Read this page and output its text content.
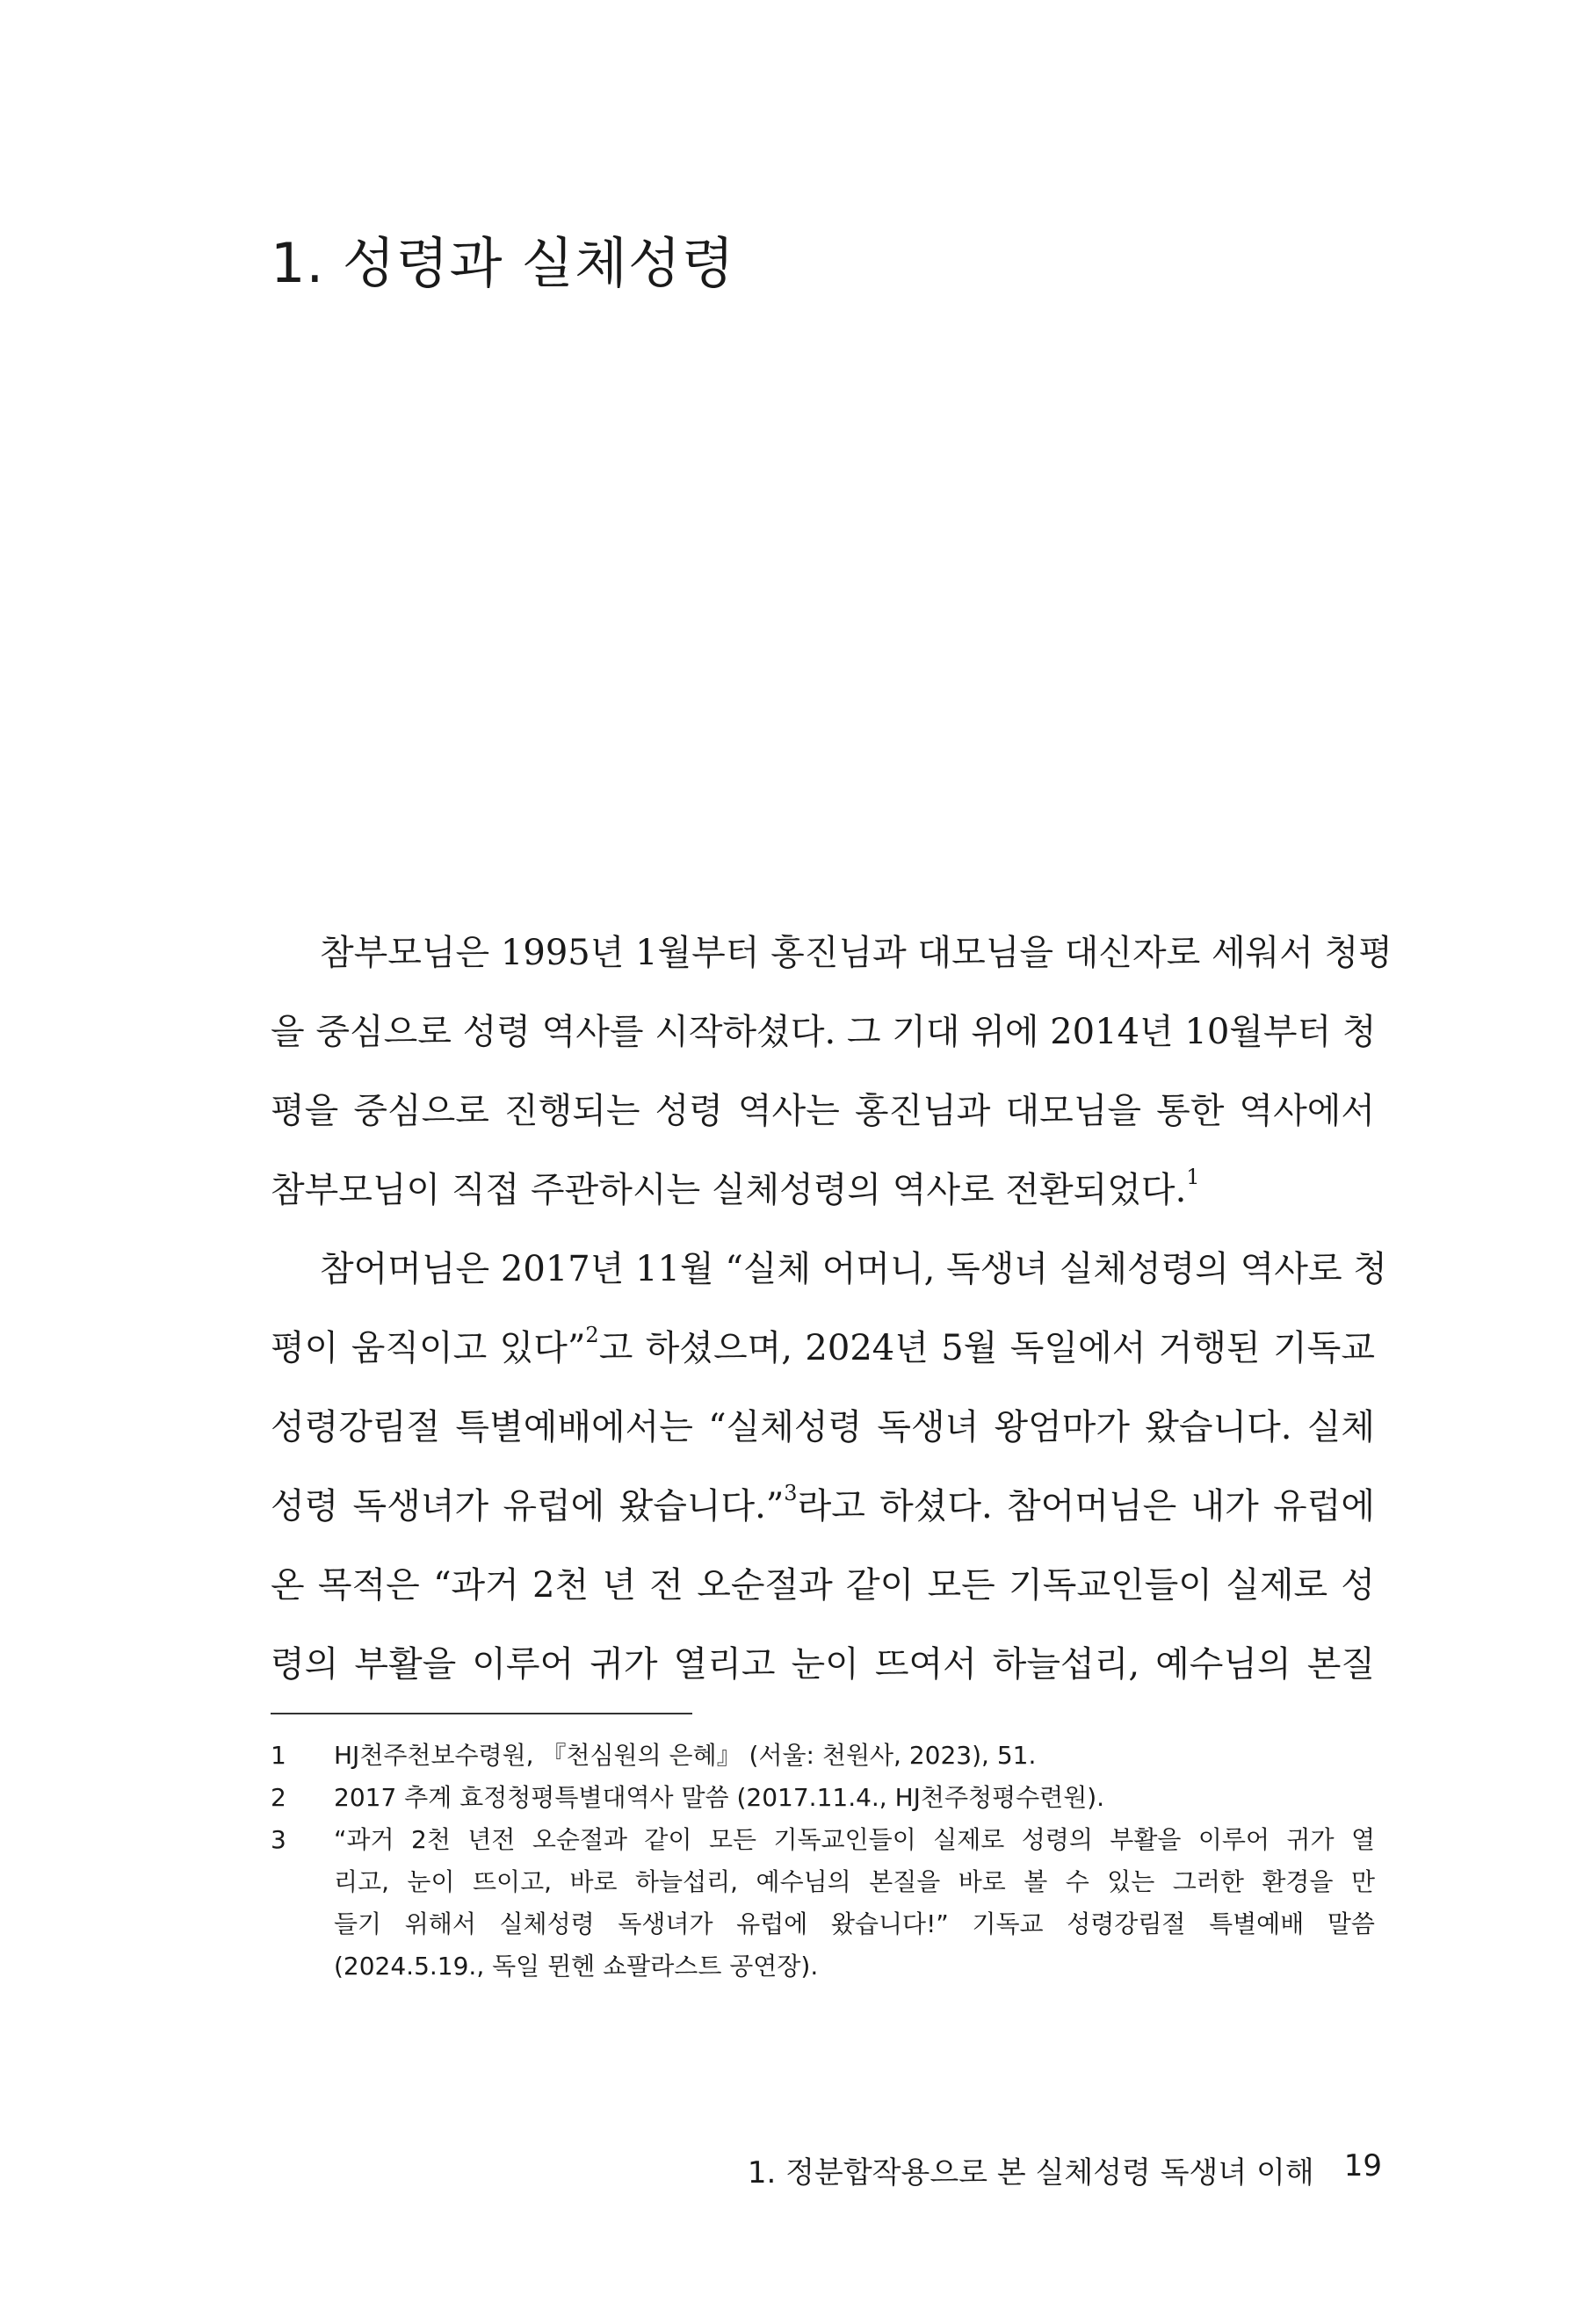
1. 성령과 실체성령
참부모님은 1995년 1월부터 홍진님과 대모님을 대신자로 세워서 청평
을 중심으로 성령 역사를 시작하셨다. 그 기대 위에 2014년 10월부터 청
평을 중심으로 진행되는 성령 역사는 홍진님과 대모님을 통한 역사에서
참부모님이 직접 주관하시는 실체성령의 역사로 전환되었다.$^1$
참어머님은 2017년 11월 “실체 어머니, 독생녀 실체성령의 역사로 청
평이 움직이고 있다”$^2$고 하셨으며, 2024년 5월 독일에서 거행된 기독교
성령강림절 특별예배에서는 “실체성령 독생녀 왕엄마가 왔습니다. 실체
성령 독생녀가 유럽에 왔습니다.”$^3$라고 하셨다. 참어머님은 내가 유럽에
온 목적은 “과거 2천 년 전 오순절과 같이 모든 기독교인들이 실제로 성
령의 부활을 이루어 귀가 열리고 눈이 뜨여서 하늘섭리, 예수님의 본질
1	HJ천주천보수령원, 『천심원의 은혜』 (서울: 천원사, 2023), 51.
2	2017 추계 효정청평특별대역사 말씀 (2017.11.4., HJ천주청평수련원).
3	“과거 2천 년전 오순절과 같이 모든 기독교인들이 실제로 성령의 부활을 이루어 귀가 열
리고, 눈이 뜨이고, 바로 하늘섭리, 예수님의 본질을 바로 볼 수 있는 그러한 환경을 만
들기 위해서 실체성령 독생녀가 유럽에 왔습니다!” 기독교 성령강림절 특별예배 말씀
(2024.5.19., 독일 뮌헨 쇼팔라스트 공연장).
1. 정분합작용으로 본 실체성령 독생녀 이해 19
